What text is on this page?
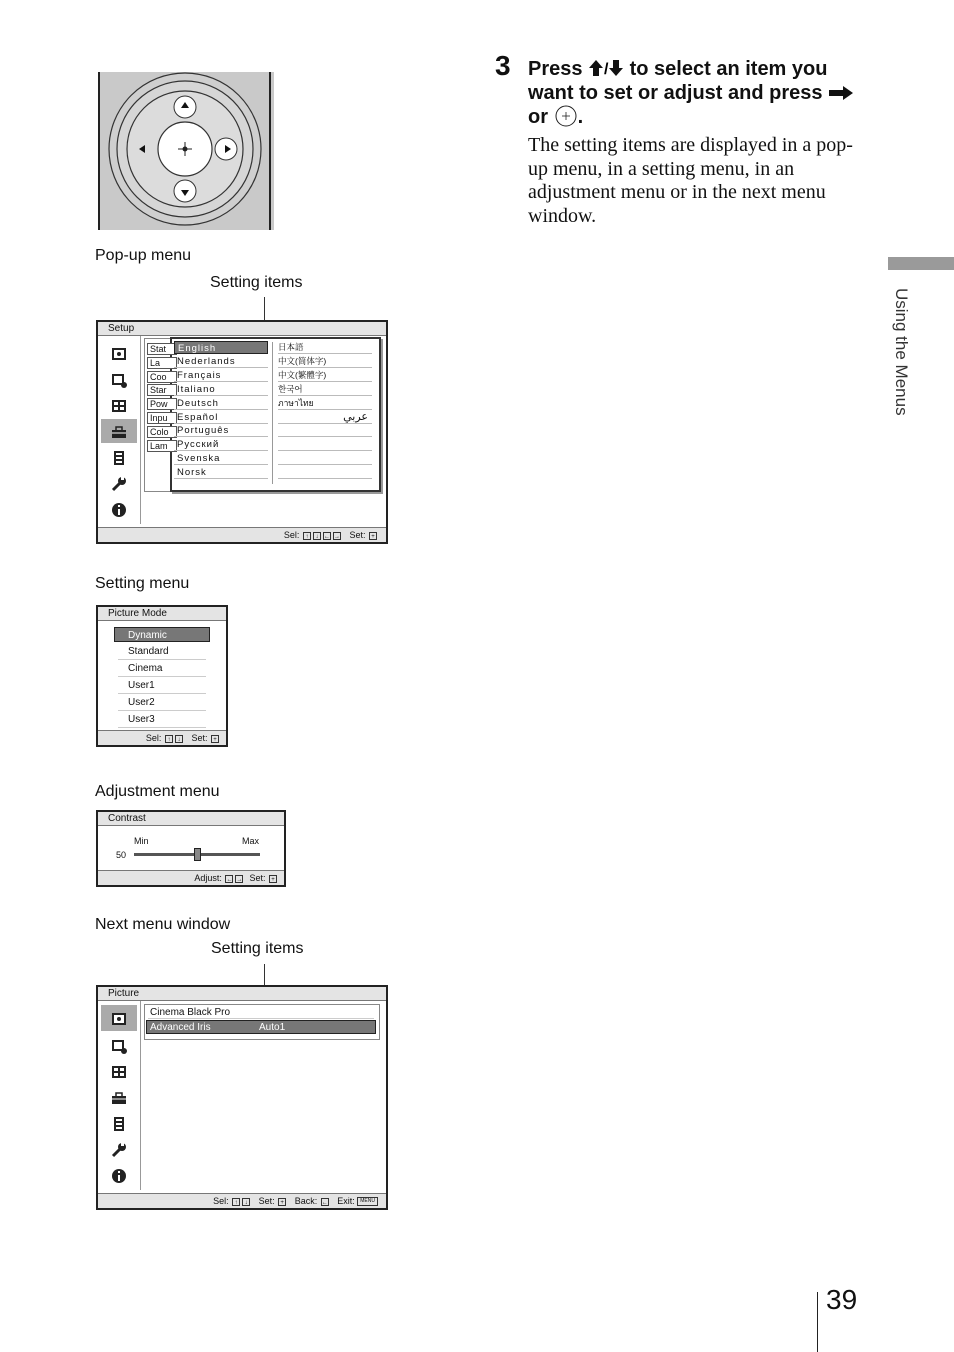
3 Press / to select an item you want to set or adjust and press  or .
The setting items are displayed in a pop-up menu, in a setting menu, in an adjustment menu or in the next menu window.
Using the Menus
39
Pop-up menu
Setting items
Setup
Sel: ↑ ↓ ← → Set: +
Stat
La
Coo
Star
Pow
Inpu
Colo
Lam
English
Nederlands
Français
Italiano
Deutsch
Español
Português
Русский
Svenska
Norsk
日本語
中文(简体字)
中文(繁體字)
한국어
ภาษาไทย
عربي
Setting menu
Picture Mode
Sel: ↑ ↓ Set: +
Dynamic
Standard
Cinema
User1
User2
User3
Adjustment menu
Contrast
Min	Max
50
Adjust: ← → Set: +
Next menu window
Setting items
Picture
Cinema Black Pro
Advanced Iris	Auto1
Sel: ↑ ↓ Set: + Back: ← Exit: MENU
